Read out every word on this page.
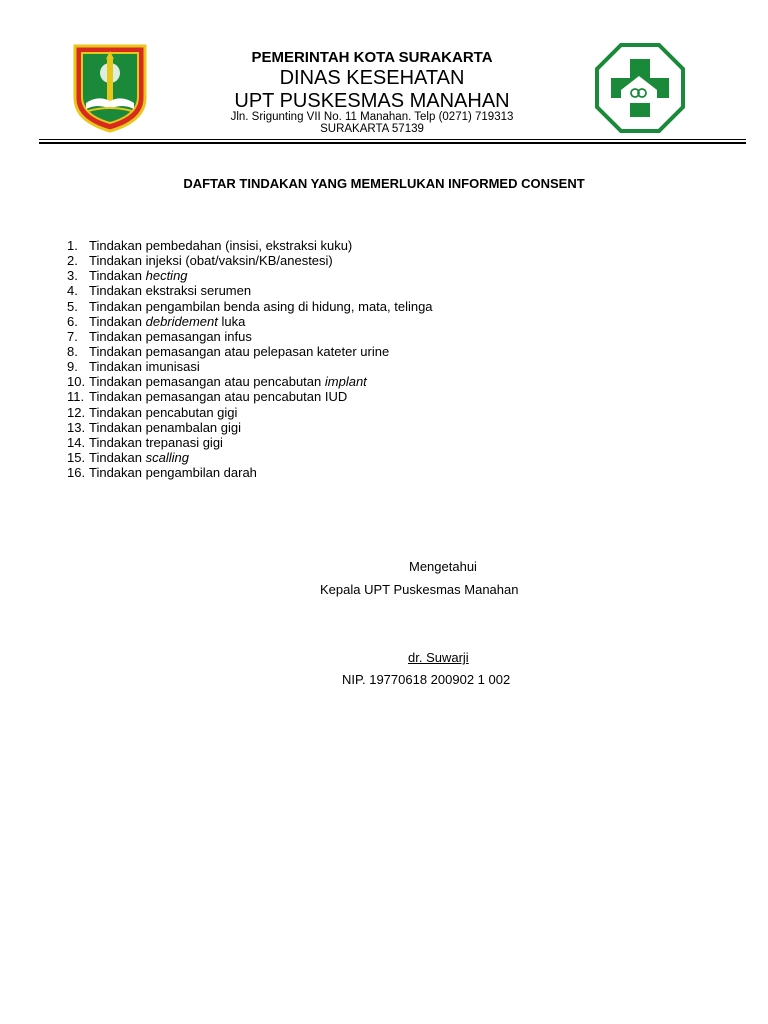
PEMERINTAH KOTA SURAKARTA
DINAS KESEHATAN
UPT PUSKESMAS MANAHAN
Jln. Srigunting VII No. 11 Manahan. Telp (0271) 719313
SURAKARTA 57139
DAFTAR TINDAKAN YANG MEMERLUKAN INFORMED CONSENT
1. Tindakan pembedahan (insisi, ekstraksi kuku)
2. Tindakan injeksi (obat/vaksin/KB/anestesi)
3. Tindakan hecting
4. Tindakan ekstraksi serumen
5. Tindakan pengambilan benda asing di hidung, mata, telinga
6. Tindakan debridement luka
7. Tindakan pemasangan infus
8. Tindakan pemasangan atau pelepasan kateter urine
9. Tindakan imunisasi
10. Tindakan pemasangan atau pencabutan implant
11. Tindakan pemasangan atau pencabutan IUD
12. Tindakan pencabutan gigi
13. Tindakan penambalan gigi
14. Tindakan trepanasi gigi
15. Tindakan scalling
16. Tindakan pengambilan darah
Mengetahui
Kepala UPT Puskesmas Manahan
dr. Suwarji
NIP. 19770618 200902 1 002
